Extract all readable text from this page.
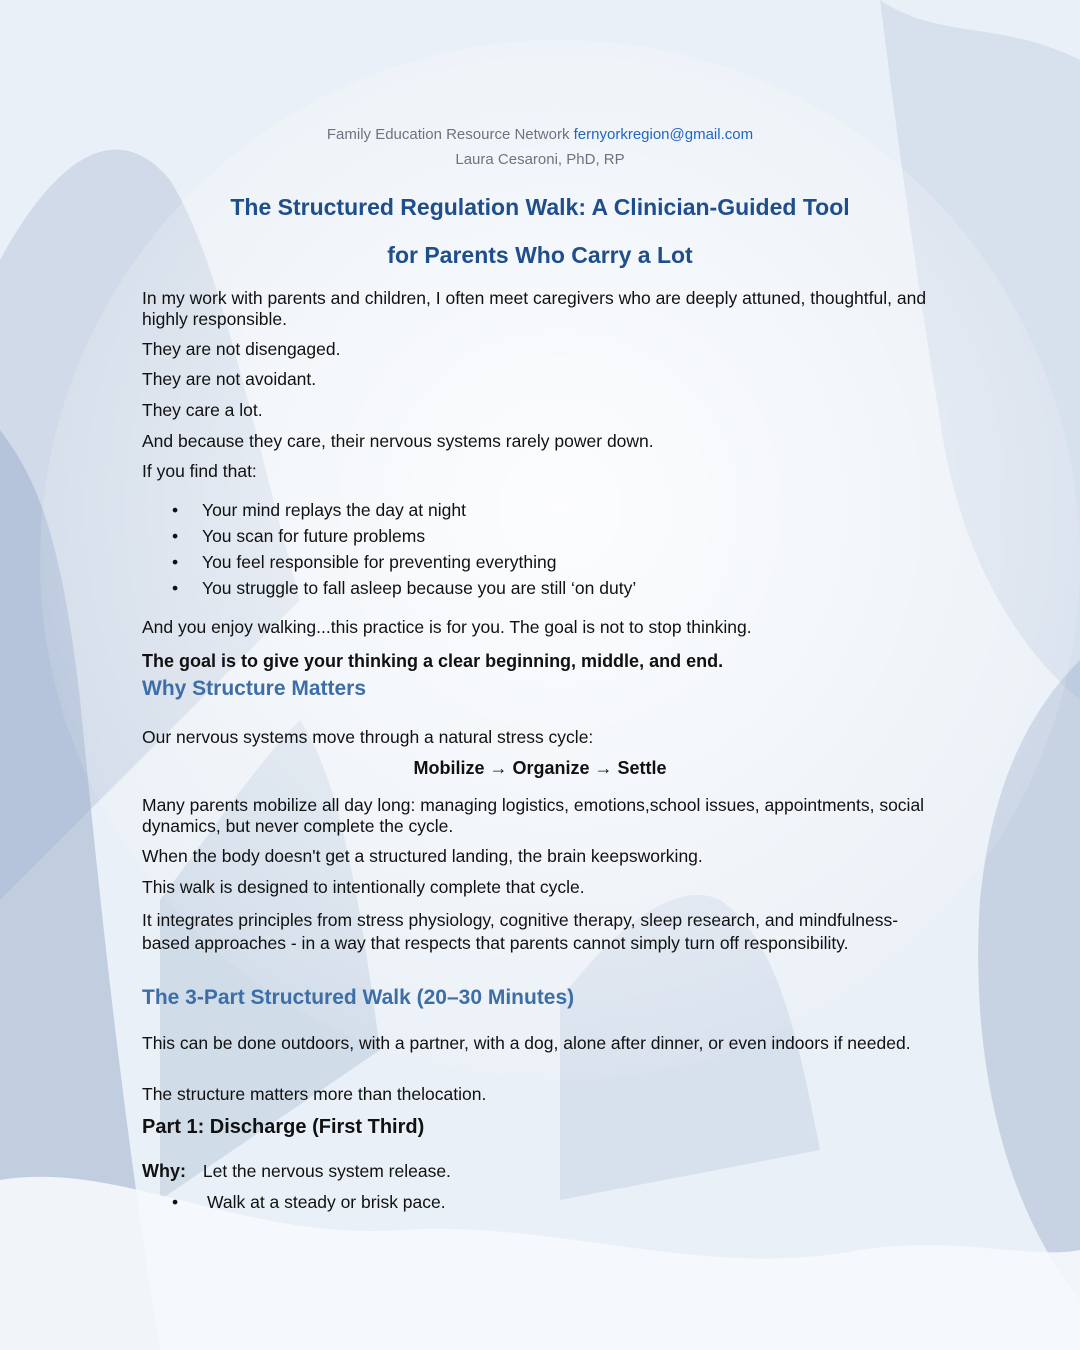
Family Education Resource Network fernyorkregion@gmail.com
Laura Cesaroni, PhD, RP
The Structured Regulation Walk: A Clinician-Guided Tool
for Parents Who Carry a Lot

In my work with parents and children, I often meet caregivers who are deeply attuned, thoughtful, and highly responsible.

They are not disengaged.

They are not avoidant.

They care a lot.

And because they care, their nervous systems rarely power down.

If you find that:

• Your mind replays the day at night
• You scan for future problems
• You feel responsible for preventing everything
• You struggle to fall asleep because you are still ‘on duty’

And you enjoy walking...this practice is for you. The goal is not to stop thinking.

The goal is to give your thinking a clear beginning, middle, and end.

Why Structure Matters

Our nervous systems move through a natural stress cycle:

Mobilize → Organize → Settle

Many parents mobilize all day long: managing logistics, emotions,school issues, appointments, social dynamics, but never complete the cycle.

When the body doesn't get a structured landing, the brain keepsworking.

This walk is designed to intentionally complete that cycle.

It integrates principles from stress physiology, cognitive therapy, sleep research, and mindfulness-based approaches - in a way that respects that parents cannot simply turn off responsibility.

The 3-Part Structured Walk (20–30 Minutes)

This can be done outdoors, with a partner, with a dog, alone after dinner, or even indoors if needed.

The structure matters more than thelocation.

Part 1: Discharge (First Third)
Why: Let the nervous system release.
• Walk at a steady or brisk pace.
